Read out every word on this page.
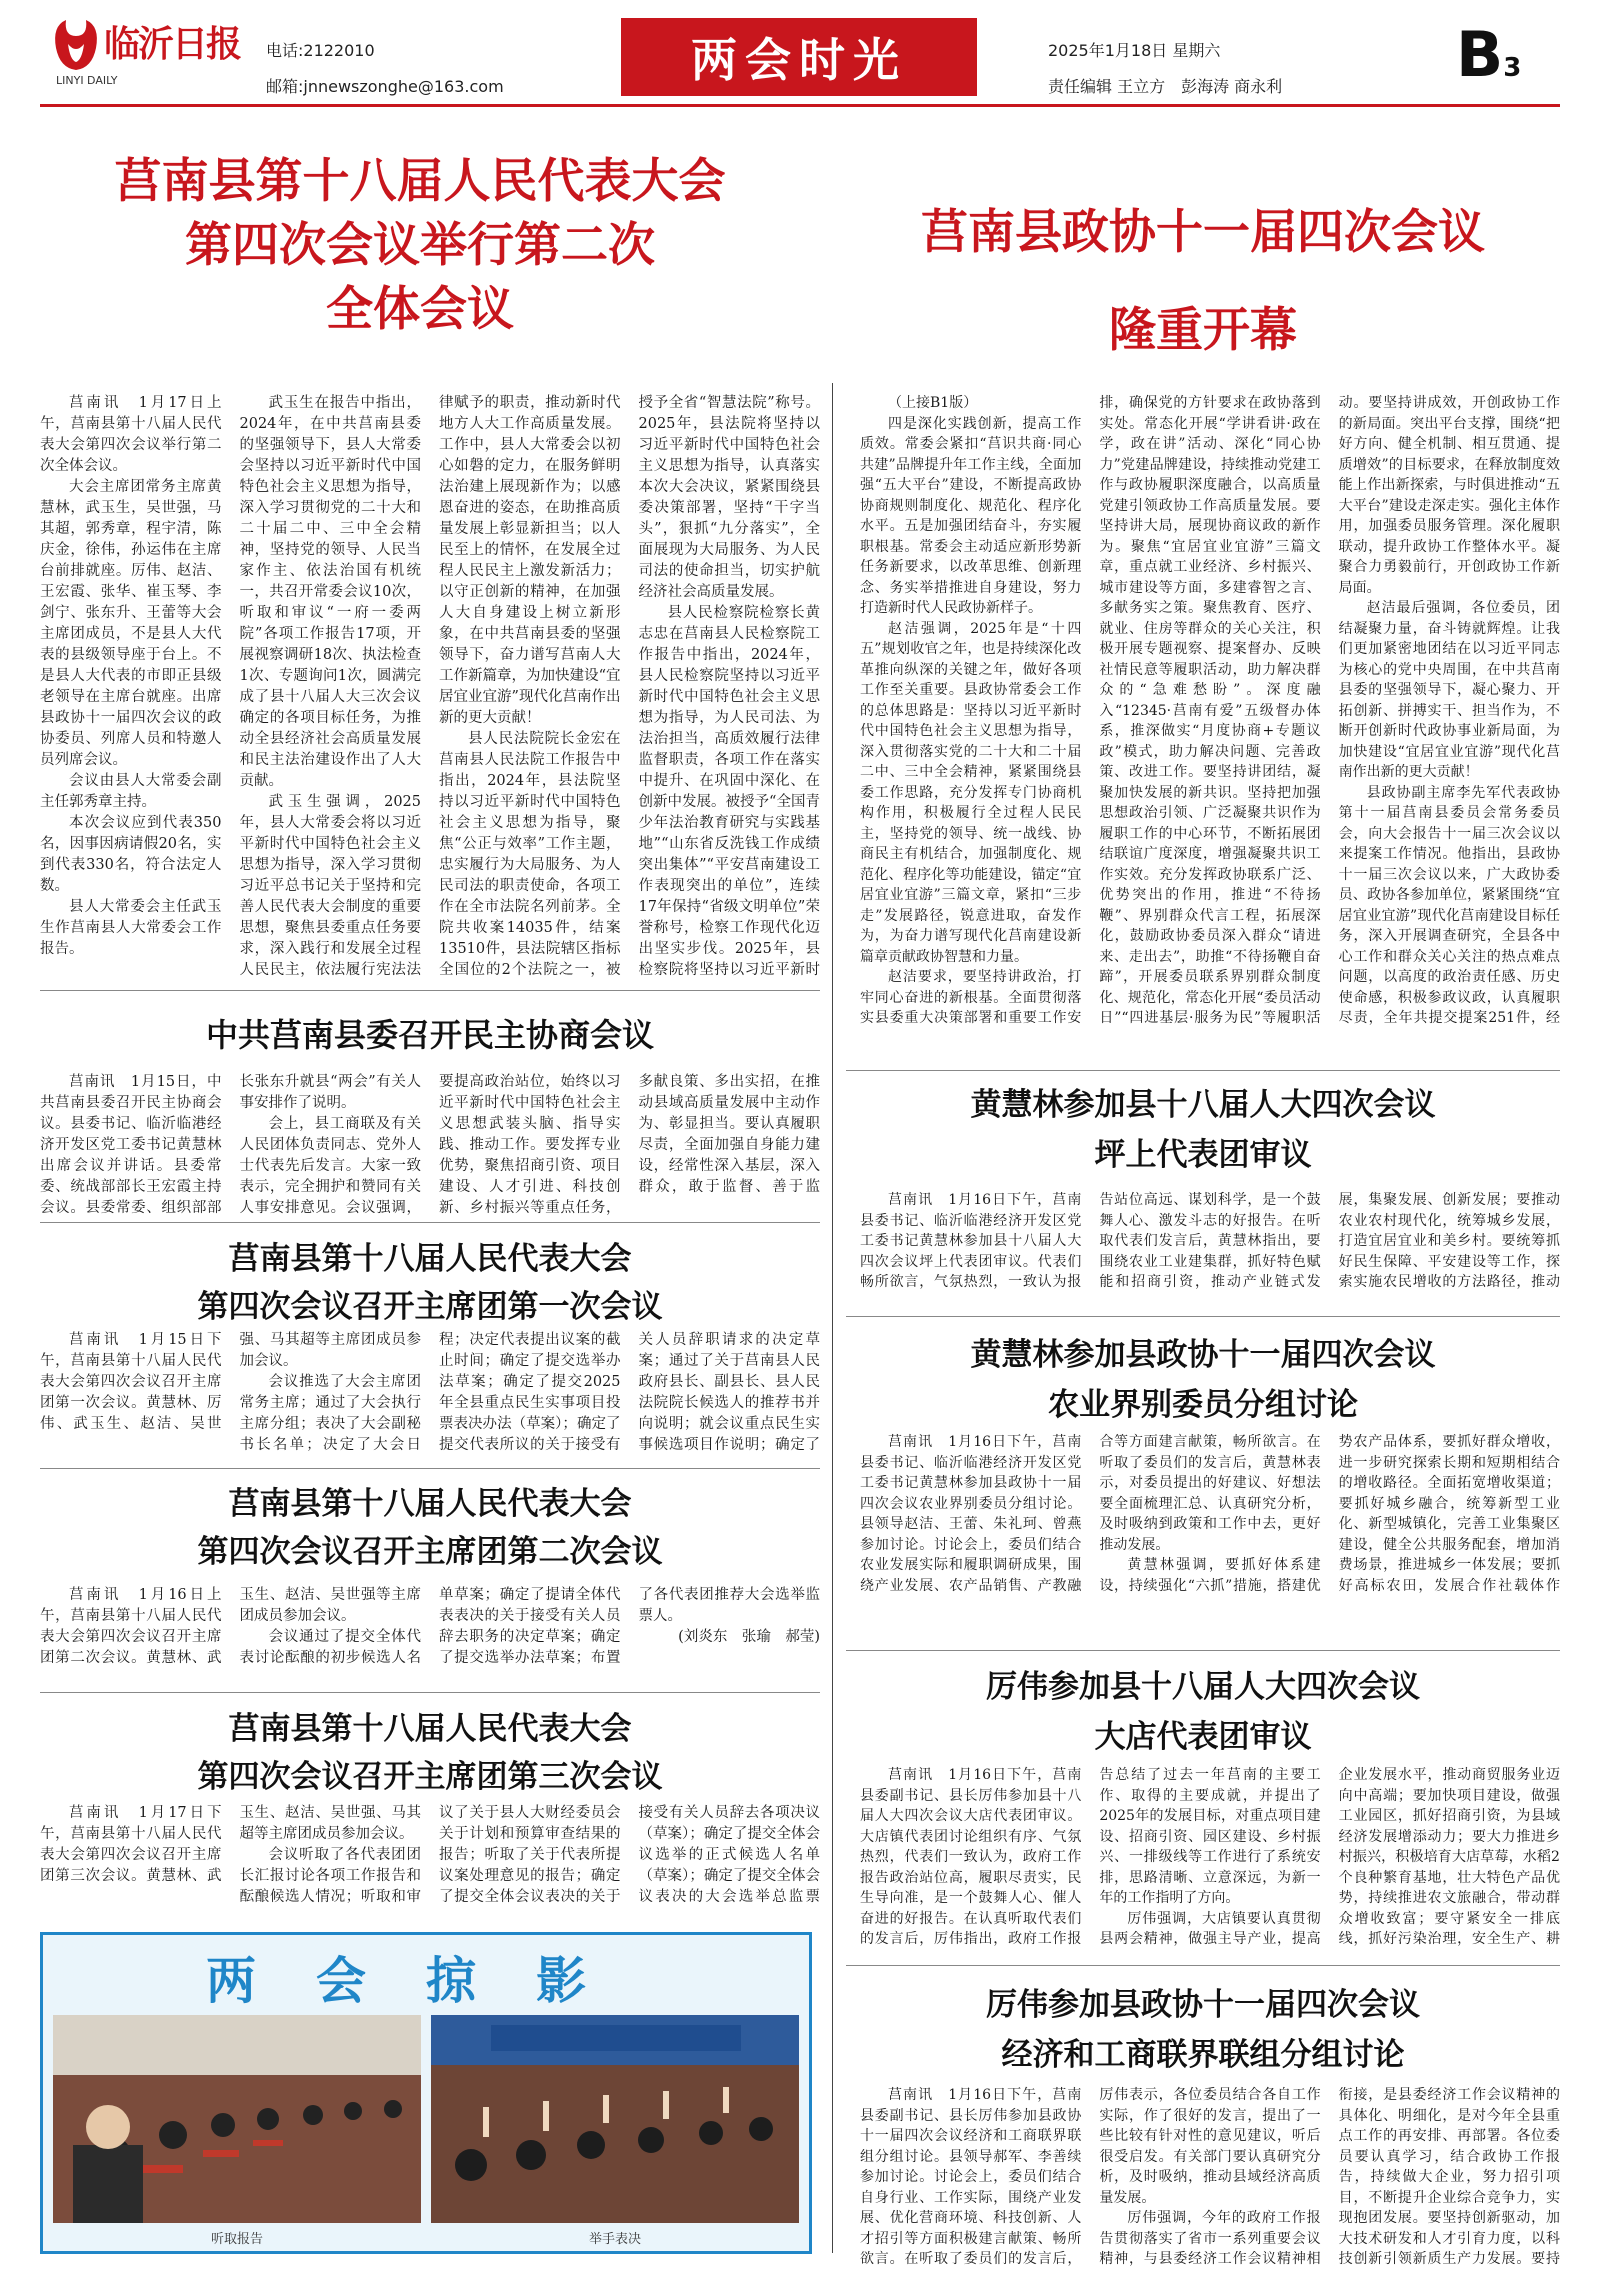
临沂日报
LINYI DAILY
电话:2122010
邮箱:jnnewszonghe@163.com	两会时光	2025年1月18日 星期六
责任编辑 王立方　彭海涛 商永利	B3
莒南县第十八届人民代表大会
第四次会议举行第二次
全体会议

莒南讯　1月17日上午，莒南县第十八届人民代表大会第四次会议举行第二次全体会议。

大会主席团常务主席黄慧林，武玉生，吴世强，马其超，郭秀章，程宇清，陈庆金，徐伟，孙运伟在主席台前排就座。厉伟、赵洁、王宏霞、张华、崔玉琴、李剑宁、张东升、王蕾等大会主席团成员，不是县人大代表的县级领导座于台上。不是县人大代表的市即正县级老领导在主席台就座。出席县政协十一届四次会议的政协委员、列席人员和特邀人员列席会议。

会议由县人大常委会副主任郭秀章主持。

本次会议应到代表350名，因事因病请假20名，实到代表330名，符合法定人数。

县人大常委会主任武玉生作莒南县人大常委会工作报告。

武玉生在报告中指出，2024年，在中共莒南县委的坚强领导下，县人大常委会坚持以习近平新时代中国特色社会主义思想为指导，深入学习贯彻党的二十大和二十届二中、三中全会精神，坚持党的领导、人民当家作主、依法治国有机统一，共召开常委会议10次，听取和审议“一府一委两院”各项工作报告17项，开展视察调研18次、执法检查1次、专题询问1次，圆满完成了县十八届人大三次会议确定的各项目标任务，为推动全县经济社会高质量发展和民主法治建设作出了人大贡献。

武玉生强调，2025年，县人大常委会将以习近平新时代中国特色社会主义思想为指导，深入学习贯彻习近平总书记关于坚持和完善人民代表大会制度的重要思想，聚焦县委重点任务要求，深入践行和发展全过程人民民主，依法履行宪法法律赋予的职责，推动新时代地方人大工作高质量发展。工作中，县人大常委会以初心如磐的定力，在服务鲜明法治建上展现新作为；以感恩奋进的姿态，在助推高质量发展上彰显新担当；以人民至上的情怀，在发展全过程人民民主上激发新活力；以守正创新的精神，在加强人大自身建设上树立新形象，在中共莒南县委的坚强领导下，奋力谱写莒南人大工作新篇章，为加快建设“宜居宜业宜游”现代化莒南作出新的更大贡献！

县人民法院院长金宏在莒南县人民法院工作报告中指出，2024年，县法院坚持以习近平新时代中国特色社会主义思想为指导，聚焦“公正与效率”工作主题，忠实履行为大局服务、为人民司法的职责使命，各项工作在全市法院名列前茅。全院共收案14035件，结案13510件，县法院辖区指标全国位的2个法院之一，被授予全省“智慧法院”称号。2025年，县法院将坚持以习近平新时代中国特色社会主义思想为指导，认真落实本次大会决议，紧紧围绕县委决策部署，坚持“干字当头”，狠抓“九分落实”，全面展现为大局服务、为人民司法的使命担当，切实护航经济社会高质量发展。

县人民检察院检察长黄志忠在莒南县人民检察院工作报告中指出，2024年，县人民检察院坚持以习近平新时代中国特色社会主义思想为指导，为人民司法、为法治担当，高质效履行法律监督职责，各项工作在落实中提升、在巩固中深化、在创新中发展。被授予“全国青少年法治教育研究与实践基地”“山东省反洗钱工作成绩突出集体”“平安莒南建设工作表现突出的单位”，连续17年保持“省级文明单位”荣誉称号，检察工作现代化迈出坚实步伐。2025年，县检察院将坚持以习近平新时

莒南县政协十一届四次会议
隆重开幕

（上接B1版）

四是深化实践创新，提高工作质效。常委会紧扣“莒识共商·同心共建”品牌提升年工作主线，全面加强“五大平台”建设，不断提高政协协商规则制度化、规范化、程序化水平。五是加强团结奋斗，夯实履职根基。常委会主动适应新形势新任务新要求，以改革思维、创新理念、务实举措推进自身建设，努力打造新时代人民政协新样子。

赵洁强调，2025年是“十四五”规划收官之年，也是持续深化改革推向纵深的关键之年，做好各项工作至关重要。县政协常委会工作的总体思路是：坚持以习近平新时代中国特色社会主义思想为指导，深入贯彻落实党的二十大和二十届二中、三中全会精神，紧紧围绕县委工作思路，充分发挥专门协商机构作用，积极履行全过程人民民主，坚持党的领导、统一战线、协商民主有机结合，加强制度化、规范化、程序化等功能建设，锚定“宜居宜业宜游”三篇文章，紧扣“三步走”发展路径，锐意进取，奋发作为，为奋力谱写现代化莒南建设新篇章贡献政协智慧和力量。

赵洁要求，要坚持讲政治，打牢同心奋进的新根基。全面贯彻落实县委重大决策部署和重要工作安排，确保党的方针要求在政协落到实处。常态化开展“学讲看讲·政在学，政在讲”活动、深化“同心协力”党建品牌建设，持续推动党建工作与政协履职深度融合，以高质量党建引领政协工作高质量发展。要坚持讲大局，展现协商议政的新作为。聚焦“宜居宜业宜游”三篇文章，重点就工业经济、乡村振兴、城市建设等方面，多建睿智之言、多献务实之策。聚焦教育、医疗、就业、住房等群众的关心关注，积极开展专题视察、提案督办、反映社情民意等履职活动，助力解决群众的“急难愁盼”。深度融入“12345·莒南有爱”五级督办体系，推深做实“月度协商+专题议政”模式，助力解决问题、完善政策、改进工作。要坚持讲团结，凝聚加快发展的新共识。坚持把加强思想政治引领、广泛凝聚共识作为履职工作的中心环节，不断拓展团结联谊广度深度，增强凝聚共识工作实效。充分发挥政协联系广泛、优势突出的作用，推进“不待扬鞭”、界别群众代言工程，拓展深化，鼓励政协委员深入群众“请进来、走出去”，助推“不待扬鞭自奋蹄”，开展委员联系界别群众制度化、规范化，常态化开展“委员活动日”“四进基层·服务为民”等履职活动。要坚持讲成效，开创政协工作的新局面。突出平台支撑，围绕“把好方向、健全机制、相互贯通、提质增效”的目标要求，在释放制度效能上作出新探索，与时俱进推动“五大平台”建设走深走实。强化主体作用，加强委员服务管理。深化履职联动，提升政协工作整体水平。凝聚合力勇毅前行，开创政协工作新局面。

赵洁最后强调，各位委员，团结凝聚力量，奋斗铸就辉煌。让我们更加紧密地团结在以习近平同志为核心的党中央周围，在中共莒南县委的坚强领导下，凝心聚力、开拓创新、拼搏实干、担当作为，不断开创新时代政协事业新局面，为加快建设“宜居宜业宜游”现代化莒南作出新的更大贡献！

县政协副主席李先军代表政协第十一届莒南县委员会常务委员会，向大会报告十一届三次会议以来提案工作情况。他指出，县政协十一届三次会议以来，广大政协委员、政协各参加单位，紧紧围绕“宜居宜业宜游”现代化莒南建设目标任务，深入开展调查研究，全县各中心工作和群众关心关注的热点难点问题，以高度的政治责任感、历史使命感，积极参政议政，认真履职尽责，全年共提交提案251件，经

中共莒南县委召开民主协商会议

莒南讯　1月15日，中共莒南县委召开民主协商会议。县委书记、临沂临港经济开发区党工委书记黄慧林出席会议并讲话。县委常委、统战部部长王宏霞主持会议。县委常委、组织部部长张东升就县“两会”有关人事安排作了说明。

会上，县工商联及有关人民团体负责同志、党外人士代表先后发言。大家一致表示，完全拥护和赞同有关人事安排意见。会议强调，要提高政治站位，始终以习近平新时代中国特色社会主义思想武装头脑、指导实践、推动工作。要发挥专业优势，聚焦招商引资、项目建设、人才引进、科技创新、乡村振兴等重点任务，多献良策、多出实招，在推动县域高质量发展中主动作为、彰显担当。要认真履职尽责，全面加强自身能力建设，经常性深入基层，深入群众，敢于监督、善于监

莒南县第十八届人民代表大会
第四次会议召开主席团第一次会议

莒南讯　1月15日下午，莒南县第十八届人民代表大会第四次会议召开主席团第一次会议。黄慧林、厉伟、武玉生、赵洁、吴世强、马其超等主席团成员参加会议。

会议推选了大会主席团常务主席；通过了大会执行主席分组；表决了大会副秘书长名单；决定了大会日程；决定代表提出议案的截止时间；确定了提交选举办法草案；确定了提交2025年全县重点民生实事项目投票表决办法（草案）；确定了提交代表所议的关于接受有关人员辞职请求的决定草案；通过了关于莒南县人民政府县长、副县长、县人民法院院长候选人的推荐书并向说明；就会议重点民生实事候选项目作说明；确定了

莒南县第十八届人民代表大会
第四次会议召开主席团第二次会议

莒南讯　1月16日上午，莒南县第十八届人民代表大会第四次会议召开主席团第二次会议。黄慧林、武玉生、赵洁、吴世强等主席团成员参加会议。

会议通过了提交全体代表讨论酝酿的初步候选人名单草案；确定了提请全体代表表决的关于接受有关人员辞去职务的决定草案；确定了提交选举办法草案；布置了各代表团推荐大会选举监票人。

(刘炎东　张瑜　郝莹)

莒南县第十八届人民代表大会
第四次会议召开主席团第三次会议

莒南讯　1月17日下午，莒南县第十八届人民代表大会第四次会议召开主席团第三次会议。黄慧林、武玉生、赵洁、吴世强、马其超等主席团成员参加会议。

会议听取了各代表团团长汇报讨论各项工作报告和酝酿候选人情况；听取和审议了关于县人大财经委员会关于计划和预算审查结果的报告；听取了关于代表所提议案处理意见的报告；确定了提交全体会议表决的关于接受有关人员辞去各项决议（草案）；确定了提交全体会议选举的正式候选人名单（草案）；确定了提交全体会议表决的大会选举总监票

两会掠影
听取报告	举手表决
黄慧林参加县十八届人大四次会议
坪上代表团审议

莒南讯　1月16日下午，莒南县委书记、临沂临港经济开发区党工委书记黄慧林参加县十八届人大四次会议坪上代表团审议。代表们畅所欲言，气氛热烈，一致认为报告站位高远、谋划科学，是一个鼓舞人心、激发斗志的好报告。在听取代表们发言后，黄慧林指出，要围绕农业工业建集群，抓好特色赋能和招商引资，推动产业链式发展，集聚发展、创新发展；要推动农业农村现代化，统筹城乡发展，打造宜居宜业和美乡村。要统筹抓好民生保障、平安建设等工作，探索实施农民增收的方法路径，推动

黄慧林参加县政协十一届四次会议
农业界别委员分组讨论

莒南讯　1月16日下午，莒南县委书记、临沂临港经济开发区党工委书记黄慧林参加县政协十一届四次会议农业界别委员分组讨论。县领导赵洁、王蕾、朱礼珂、曾燕参加讨论。讨论会上，委员们结合农业发展实际和履职调研成果，围绕产业发展、农产品销售、产教融合等方面建言献策，畅所欲言。在听取了委员们的发言后，黄慧林表示，对委员提出的好建议、好想法要全面梳理汇总、认真研究分析，及时吸纳到政策和工作中去，更好推动发展。

黄慧林强调，要抓好体系建设，持续强化“六抓”措施，搭建优势农产品体系，要抓好群众增收，进一步研究探索长期和短期相结合的增收路径。全面拓宽增收渠道；要抓好城乡融合，统筹新型工业化、新型城镇化，完善工业集聚区建设，健全公共服务配套，增加消费场景，推进城乡一体发展；要抓好高标农田，发展合作社载体作

厉伟参加县十八届人大四次会议
大店代表团审议

莒南讯　1月16日下午，莒南县委副书记、县长厉伟参加县十八届人大四次会议大店代表团审议。大店镇代表团讨论组织有序、气氛热烈，代表们一致认为，政府工作报告政治站位高，履职尽责实，民生导向准，是一个鼓舞人心、催人奋进的好报告。在认真听取代表们的发言后，厉伟指出，政府工作报告总结了过去一年莒南的主要工作、取得的主要成就，并提出了2025年的发展目标，对重点项目建设、招商引资、园区建设、乡村振兴、一排级线等工作进行了系统安排，思路清晰、立意深远，为新一年的工作指明了方向。

厉伟强调，大店镇要认真贯彻县两会精神，做强主导产业，提高企业发展水平，推动商贸服务业迈向中高端；要加快项目建设，做强工业园区，抓好招商引资，为县域经济发展增添动力；要大力推进乡村振兴，积极培育大店草莓，水稻2个良种繁育基地，壮大特色产品优势，持续推进农文旅融合，带动群众增收致富；要守紧安全一排底线，抓好污染治理，安全生产、耕

厉伟参加县政协十一届四次会议
经济和工商联界联组分组讨论

莒南讯　1月16日下午，莒南县委副书记、县长厉伟参加县政协十一届四次会议经济和工商联界联组分组讨论。县领导郝军、李善续参加讨论。讨论会上，委员们结合自身行业、工作实际，围绕产业发展、优化营商环境、科技创新、人才招引等方面积极建言献策、畅所欲言。在听取了委员们的发言后，厉伟表示，各位委员结合各自工作实际，作了很好的发言，提出了一些比较有针对性的意见建议，听后很受启发。有关部门要认真研究分析，及时吸纳，推动县域经济高质量发展。

厉伟强调，今年的政府工作报告贯彻落实了省市一系列重要会议精神，与县委经济工作会议精神相衔接，是县委经济工作会议精神的具体化、明细化，是对今年全县重点工作的再安排、再部署。各位委员要认真学习，结合政协工作报告，持续做大企业，努力招引项目，不断提升企业综合竞争力，实现抱团发展。要坚持创新驱动，加大技术研发和人才引育力度，以科技创新引领新质生产力发展。要持
